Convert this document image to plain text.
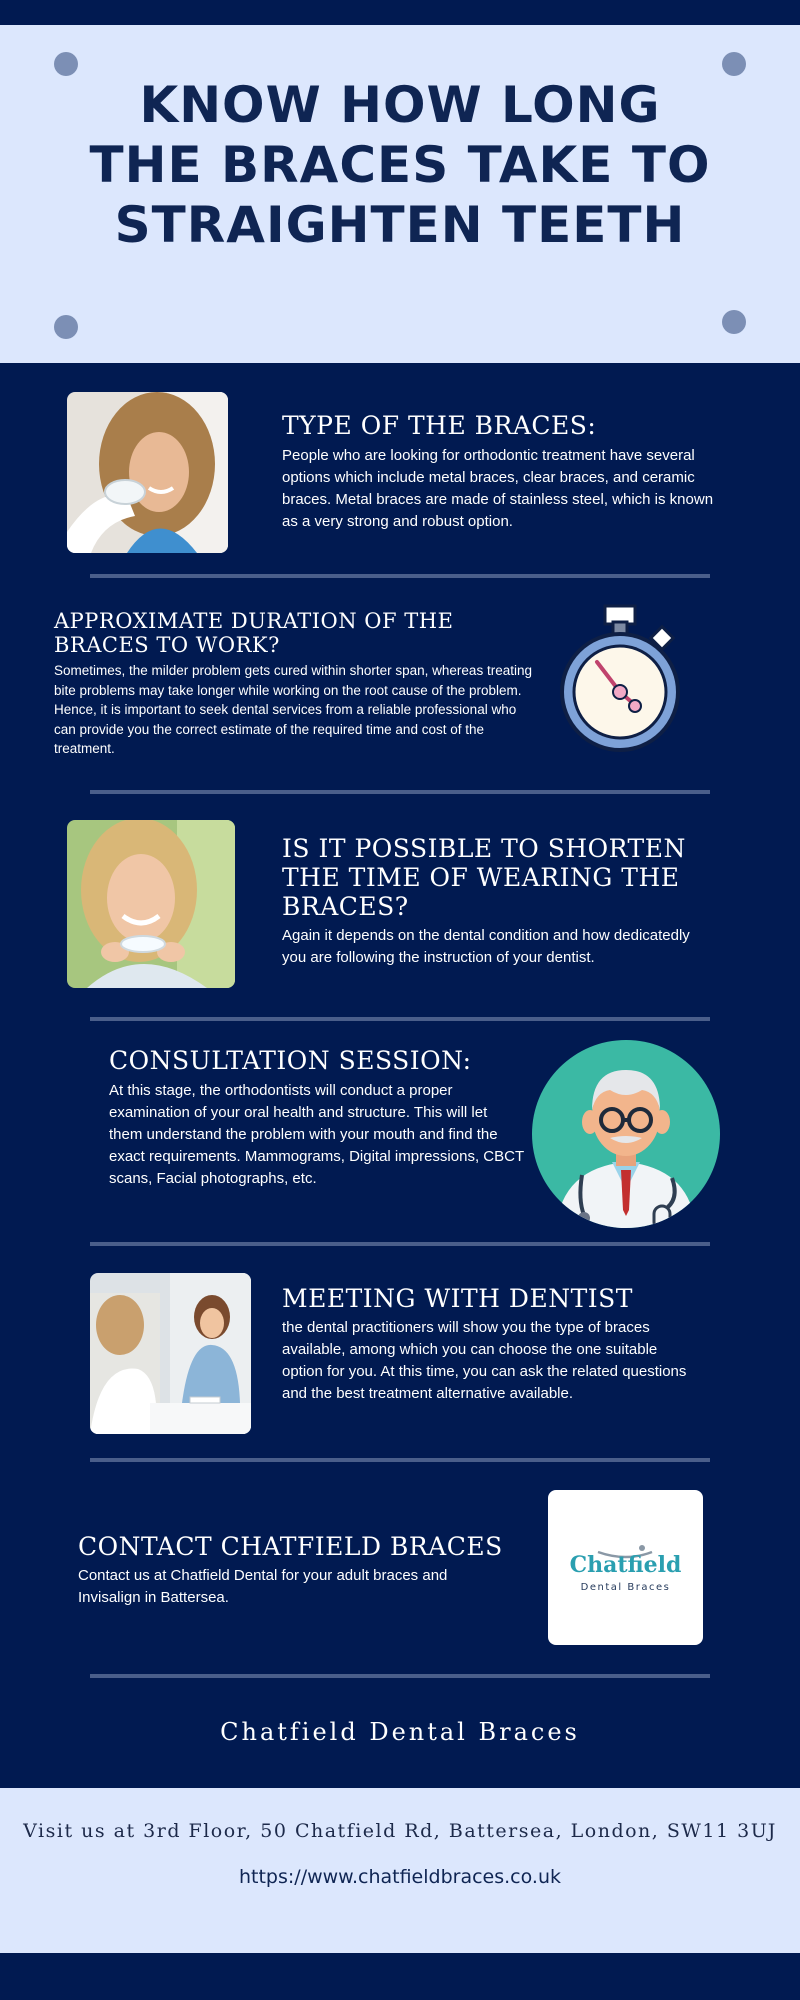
KNOW HOW LONG
THE BRACES TAKE TO
STRAIGHTEN TEETH
TYPE OF THE BRACES:

People who are looking for orthodontic treatment have several options which include metal braces, clear braces, and ceramic braces. Metal braces are made of stainless steel, which is known as a very strong and robust option.

APPROXIMATE DURATION OF THE BRACES TO WORK?

Sometimes, the milder problem gets cured within shorter span, whereas treating bite problems may take longer while working on the root cause of the problem. Hence, it is important to seek dental services from a reliable professional who can provide you the correct estimate of the required time and cost of the treatment.

IS IT POSSIBLE TO SHORTEN THE TIME OF WEARING THE BRACES?

Again it depends on the dental condition and how dedicatedly you are following the instruction of your dentist.

CONSULTATION SESSION:

At this stage, the orthodontists will conduct a proper examination of your oral health and structure. This will let them understand the problem with your mouth and find the exact requirements. Mammograms, Digital impressions, CBCT scans, Facial photographs, etc.

MEETING WITH DENTIST

the dental practitioners will show you the type of braces available, among which you can choose the one suitable option for you. At this time, you can ask the related questions and the best treatment alternative available.

CONTACT CHATFIELD BRACES

Contact us at Chatfield Dental for your adult braces and Invisalign in Battersea.

Chatfield
Dental Braces
Chatfield Dental Braces
Visit us at 3rd Floor, 50 Chatfield Rd, Battersea, London, SW11 3UJ
https://www.chatfieldbraces.co.uk
